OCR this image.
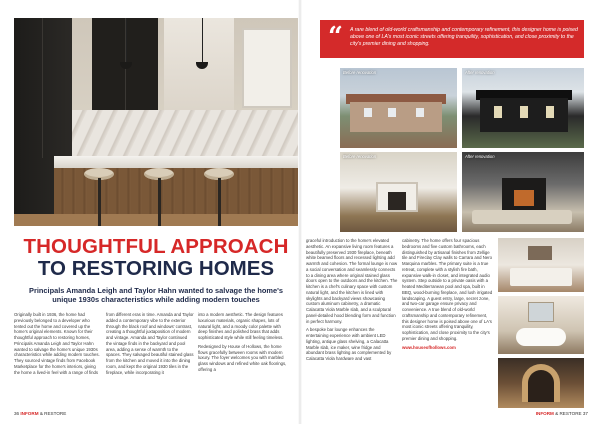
THOUGHTFUL APPROACH
TO RESTORING HOMES
Principals Amanda Leigh and Taylor Hahn wanted to salvage the home's unique 1930s characteristics while adding modern touches

Originally built in 1936, the home had previously belonged to a developer who tented out the home and covered up the home's original elements. Known for their thoughtful approach to restoring homes, Principals Amanda Leigh and Taylor Hahn wanted to salvage the home's unique 1930s characteristics while adding modern touches. They sourced vintage finds from Facebook Marketplace for the home's interiors, giving the home a lived-in feel with a range of finds

from different eras in time. Amanda and Taylor added a contemporary vibe to the exterior through the black roof and windows' contrast, creating a thoughtful juxtaposition of modern and vintage. Amanda and Taylor continued the vintage finds in the backyard and pool area, adding a sense of warmth to the spaces. They salvaged beautiful stained glass from the kitchen and moved it into the dining room, and kept the original 1930 tiles in the fireplace, while incorporating it

into a modern aesthetic. The design features luxurious materials, organic shapes, lots of natural light, and a moody color palette with deep finishes and polished brass that adds sophisticated style while still feeling timeless.

Redesigned by House of Hollows, the home flows gracefully between rooms with modern luxury. The foyer welcomes you with marbled glass windows and refined white oak floorings, offering a

36 INFORM & RESTORE
“ A rare blend of old-world craftsmanship and contemporary refinement, this designer home is poised above one of LA's most iconic streets offering tranquility, sophistication, and close proximity to the city's premier dining and shopping.
Before renovation	After renovation
Before renovation	After renovation

graceful introduction to the home's elevated aesthetic. An expansive living room features a beautifully preserved 1930 fireplace, beneath white beamed floors and recessed lighting add warmth and cohesion. The formal lounge is now a social conversation and seamlessly connects to a dining area where original stained glass doors open to the outdoors and the kitchen. The kitchen is a chef's culinary space with custom natural light, and the kitchen is lined with skylights and backyard views showcasing custom aluminum cabinetry, a dramatic Calacatta Viola Marble slab, and a sculptural panel-detailed hood blending form and function in perfect harmony.

A bespoke bar lounge enhances the entertaining experience with ambient LED lighting, antique glass shelving, a Calacatta Marble slab, ice maker, wine fridge and abundant brass lighting as complemented by Calacatta Viola hardware and vast

cabinetry. The home offers four spacious bedrooms and five custom bathrooms, each distinguished by artisanal finishes from Zellige tile and Fireclay Clay walls to Carrara and Nero Marquina marbles. The primary suite is a true retreat, complete with a stylish fire bath, expansive walk-in closet, and integrated audio system. Step outside to a private oasis with a heated Mediterranean pool and spa, built in BBQ, wood-burning fireplace, and lush irrigated landscaping. A guest entry, large, secret zone, and two-car garage ensure privacy and convenience. A true blend of old-world craftsmanship and contemporary refinement, this designer home is poised above one of LA's most iconic streets offering tranquility, sophistication, and close proximity to the city's premier dining and shopping.

www.houseofhollows.com

INFORM & RESTORE 37
